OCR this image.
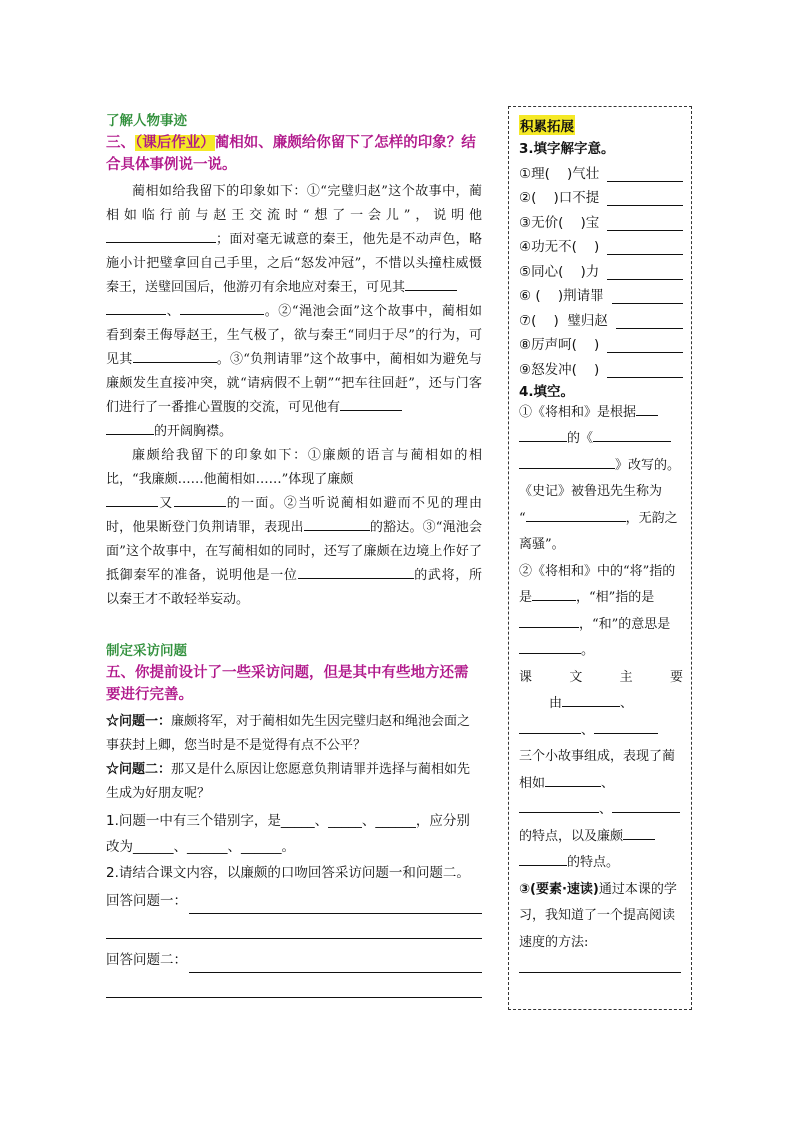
了解人物事迹
三、（课后作业）蔺相如、廉颇给你留下了怎样的印象？结合具体事例说一说。
蔺相如给我留下的印象如下：①“完璧归赵”这个故事中，蔺相如临行前与赵王交流时“想了一会儿”，说明他；面对毫无诚意的秦王，他先是不动声色，略施小计把璧拿回自己手里，之后“怒发冲冠”，不惜以头撞柱威慑秦王，送璧回国后，他游刃有余地应对秦王，可见其
、	。②“渑池会面”这个故事中，蔺相如看到秦王侮辱赵王，生气极了，欲与秦王“同归于尽”的行为，可见其	。③“负荆请罪”这个故事中，蔺相如为避免与廉颇发生直接冲突，就“请病假不上朝”“把车往回赶”，还与门客们进行了一番推心置腹的交流，可见他有
的开阔胸襟。
廉颇给我留下的印象如下：①廉颇的语言与蔺相如的相比，“我廉颇……他蔺相如……”体现了廉颇
又	的一面。②当听说蔺相如避而不见的理由时，他果断登门负荆请罪，表现出	的豁达。③“渑池会面”这个故事中，在写蔺相如的同时，还写了廉颇在边境上作好了抵御秦军的准备，说明他是一位	的武将，所以秦王才不敢轻举妄动。
制定采访问题
五、你提前设计了一些采访问题，但是其中有些地方还需要进行完善。
☆问题一：廉颇将军，对于蔺相如先生因完璧归赵和绳池会面之事获封上卿，您当时是不是觉得有点不公平？
☆问题二：那又是什么原因让您愿意负荆请罪并选择与蔺相如先生成为好朋友呢？
1.问题一中有三个错别字，是_____、_____、______，应分别改为______、______、______。
2.请结合课文内容，以廉颇的口吻回答采访问题一和问题二。
回答问题一：
回答问题二：
积累拓展
3.填字解字意。
①理(    )气壮
②(    )口不提
③无价(    )宝
④功无不(    )
⑤同心(    )力
⑥ (    )荆请罪
⑦(    )  璧归赵
⑧厉声呵(    )
⑨怒发冲(    )
4.填空。
①《将相和》是根据
的《
》改写的。《史记》被鲁迅先生称为
“	，无韵之离骚”。
②《将相和》中的“将”指的是	，“相”指的是，“和”的意思是。
课	文	主	要
由	、
、
三个小故事组成，表现了蔺相如	、
、
的特点，以及廉颇
的特点。
③(要素·速读)通过本课的学习，我知道了一个提高阅读速度的方法:
